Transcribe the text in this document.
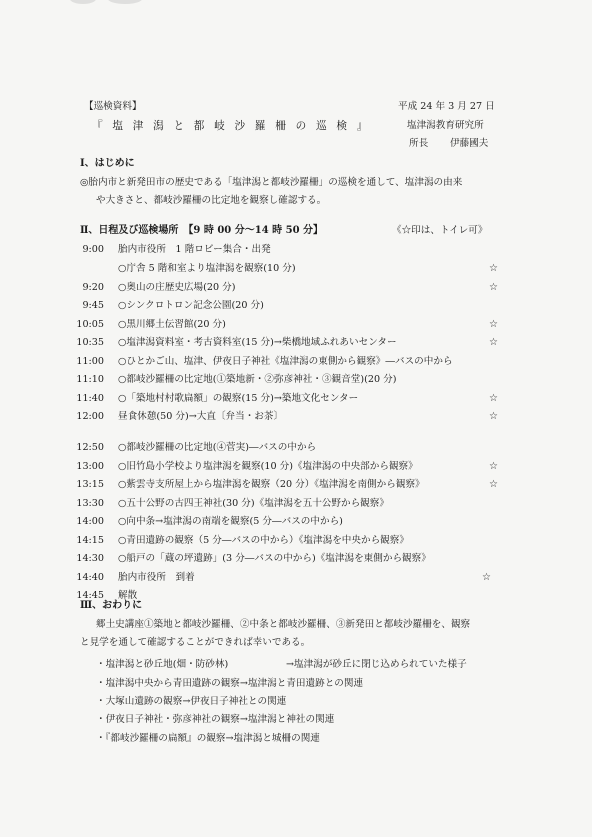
【巡検資料】
『 塩 津 潟 と 都 岐 沙 羅 柵 の 巡 検 』
平成 24 年 3 月 27 日
塩津潟教育研究所
所長 伊藤國夫
Ⅰ、はじめに
◎胎内市と新発田市の歴史である「塩津潟と都岐沙羅柵」の巡検を通して、塩津潟の由来
や大きさと、都岐沙羅柵の比定地を観察し確認する。
Ⅱ、日程及び巡検場所　【9 時 00 分～14 時 50 分】	《☆印は、トイレ可》
9:00 胎内市役所　1 階ロビー集合・出発
○庁舎 5 階和室より塩津潟を観察(10 分)	☆
9:20 ○奥山の庄歴史広場(20 分)	☆
9:45 ○シンクロトロン記念公園(20 分)
10:05 ○黒川郷土伝習館(20 分)	☆
10:35 ○塩津潟資料室・考古資料室(15 分)→柴橋地域ふれあいセンター	☆
11:00 ○ひとかご山、塩津、伊夜日子神社《塩津潟の東側から観察》―バスの中から
11:10 ○都岐沙羅柵の比定地(①築地新・②弥彦神社・③観音堂)(20 分)
11:40 ○「築地村村歌扁額」の観察(15 分)→築地文化センター	☆
12:00 昼食休憩(50 分)→大直〔弁当・お茶〕	☆
12:50 ○都岐沙羅柵の比定地(④菅実)―バスの中から
13:00 ○旧竹島小学校より塩津潟を観察(10 分)《塩津潟の中央部から観察》	☆
13:15 ○紫雲寺支所屋上から塩津潟を観察（20 分）《塩津潟を南側から観察》	☆
13:30 ○五十公野の古四王神社(30 分)《塩津潟を五十公野から観察》
14:00 ○向中条→塩津潟の南端を観察(5 分―バスの中から)
14:15 ○青田遺跡の観察（5 分―バスの中から）《塩津潟を中央から観察》
14:30 ○船戸の「蔵の坪遺跡」(3 分―バスの中から)《塩津潟を東側から観察》
14:40 胎内市役所　到着	☆
14:45 解散
Ⅲ、おわりに
郷土史講座①築地と都岐沙羅柵、②中条と都岐沙羅柵、③新発田と都岐沙羅柵を、観察
と見学を通して確認することができれば幸いである。
・塩津潟と砂丘地(畑・防砂林)	→塩津潟が砂丘に閉じ込められていた様子
・塩津潟中央から青田遺跡の観察→塩津潟と青田遺跡との関連
・大塚山遺跡の観察→伊夜日子神社との関連
・伊夜日子神社・弥彦神社の観察→塩津潟と神社の関連
・『都岐沙羅柵の扁額』の観察→塩津潟と城柵の関連
